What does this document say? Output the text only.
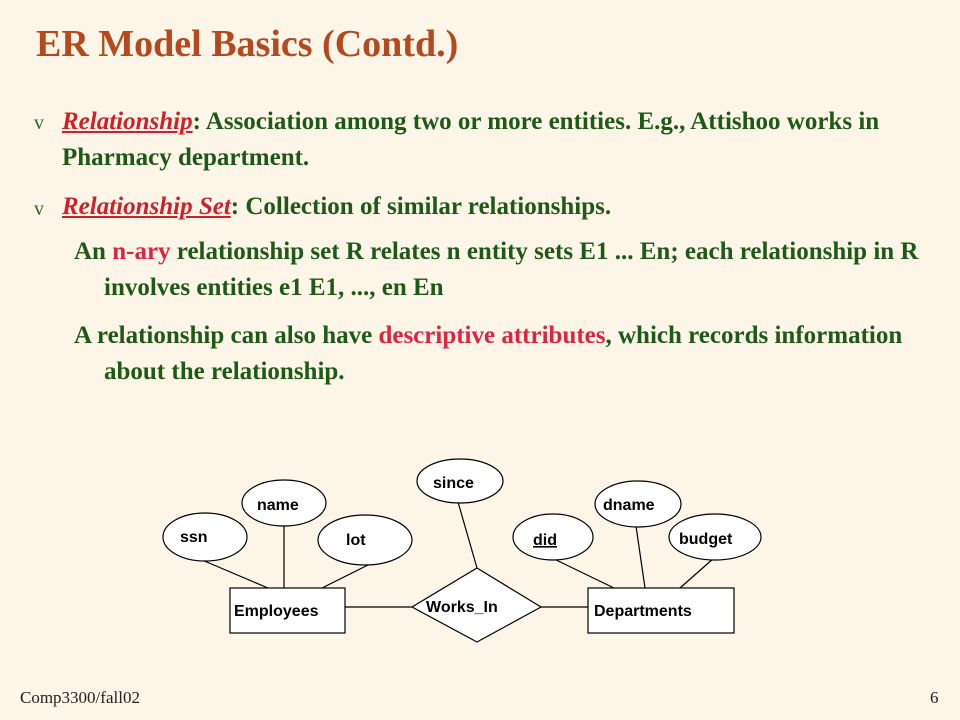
ER Model Basics (Contd.)
v Relationship: Association among two or more entities. E.g., Attishoo works in Pharmacy department.

v Relationship Set: Collection of similar relationships.

An n-ary relationship set R relates n entity sets E1 ... En; each relationship in R involves entities e1 E1, ..., en En

A relationship can also have descriptive attributes, which records information about the relationship.

ssn
name
lot
since
did
dname
budget
Employees	Departments
Works_In
Comp3300/fall02	6
